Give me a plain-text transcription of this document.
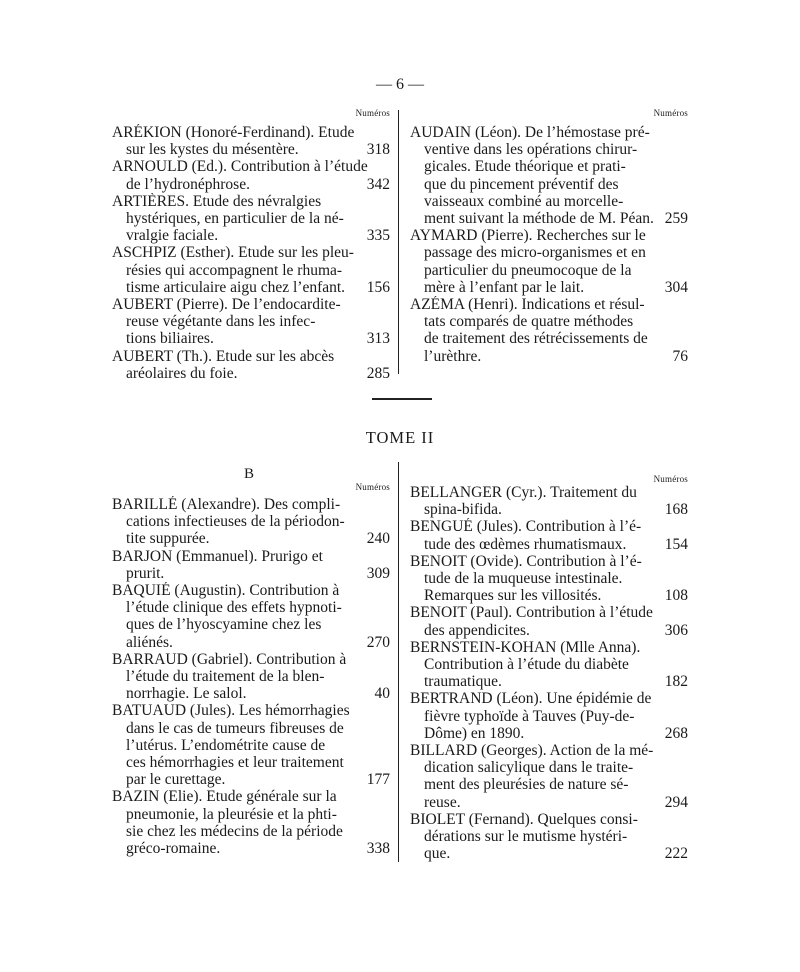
— 6 —
Numéros
ARÉKION (Honoré-Ferdinand). Etude
sur les kystes du mésentère.	318
ARNOULD (Ed.). Contribution à l’étude
de l’hydronéphrose.	342
ARTIÈRES. Etude des névralgies
hystériques, en particulier de la né-
vralgie faciale.	335
ASCHPIZ (Esther). Etude sur les pleu-
résies qui accompagnent le rhuma-
tisme articulaire aigu chez l’enfant.	156
AUBERT (Pierre). De l’endocardite-
reuse végétante dans les infec-
tions biliaires.	313
AUBERT (Th.). Etude sur les abcès
aréolaires du foie.	285
Numéros
AUDAIN (Léon). De l’hémostase pré-
ventive dans les opérations chirur-
gicales. Etude théorique et prati-
que du pincement préventif des
vaisseaux combiné au morcelle-
ment suivant la méthode de M. Péan. 259
AYMARD (Pierre). Recherches sur le
passage des micro-organismes et en
particulier du pneumocoque de la
mère à l’enfant par le lait.	304
AZÉMA (Henri). Indications et résul-
tats comparés de quatre méthodes
de traitement des rétrécissements de
l’urèthre.	76
TOME II
B
Numéros
BARILLÉ (Alexandre). Des compli-
cations infectieuses de la périodon-
tite suppurée.	240
BARJON (Emmanuel). Prurigo et
prurit.	309
BAQUIÉ (Augustin). Contribution à
l’étude clinique des effets hypnoti-
ques de l’hyoscyamine chez les
aliénés.	270
BARRAUD (Gabriel). Contribution à
l’étude du traitement de la blen-
norrhagie. Le salol.	40
BATUAUD (Jules). Les hémorrhagies
dans le cas de tumeurs fibreuses de
l’utérus. L’endométrite cause de
ces hémorrhagies et leur traitement
par le curettage.	177
BAZIN (Elie). Etude générale sur la
pneumonie, la pleurésie et la phti-
sie chez les médecins de la période
gréco-romaine.	338
Numéros
BELLANGER (Cyr.). Traitement du
spina-bifida.	168
BENGUÉ (Jules). Contribution à l’é-
tude des œdèmes rhumatismaux.	154
BENOIT (Ovide). Contribution à l’é-
tude de la muqueuse intestinale.
Remarques sur les villosités.	108
BENOIT (Paul). Contribution à l’étude
des appendicites.	306
BERNSTEIN-KOHAN (Mlle Anna).
Contribution à l’étude du diabète
traumatique.	182
BERTRAND (Léon). Une épidémie de
fièvre typhoïde à Tauves (Puy-de-
Dôme) en 1890.	268
BILLARD (Georges). Action de la mé-
dication salicylique dans le traite-
ment des pleurésies de nature sé-
reuse.	294
BIOLET (Fernand). Quelques consi-
dérations sur le mutisme hystéri-
que.	222
